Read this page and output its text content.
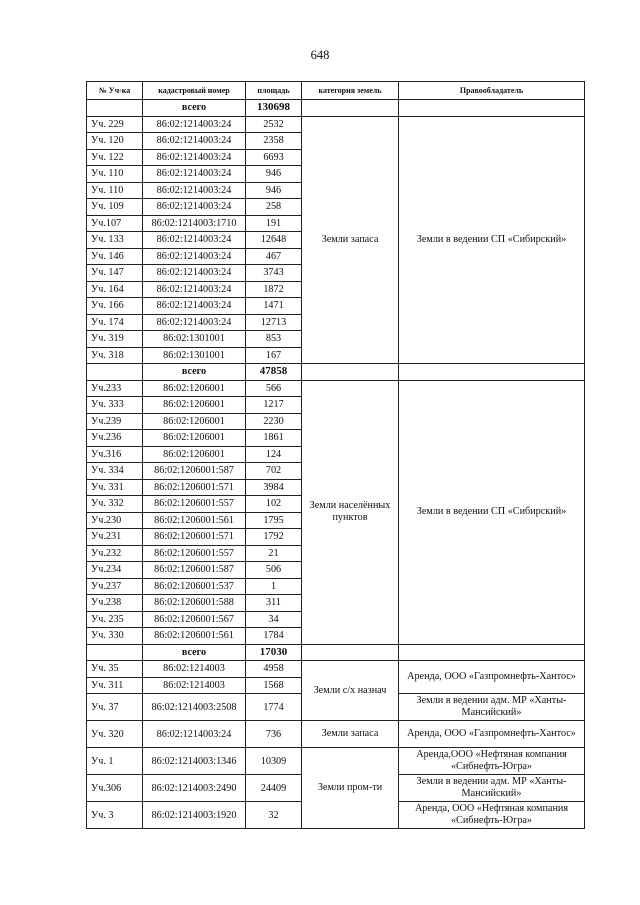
648
№ Уч-ка	кадастровый номер	площадь	категория земель	Правообладатель
	всего	130698		
Уч. 229	86:02:1214003:24	2532	Земли запаса	Земли в ведении СП «Сибирский»
Уч. 120	86:02:1214003:24	2358		
Уч. 122	86:02:1214003:24	6693		
Уч. 110	86:02:1214003:24	946		
Уч. 110	86:02:1214003:24	946		
Уч. 109	86:02:1214003:24	258		
Уч.107	86:02:1214003:1710	191		
Уч. 133	86:02:1214003:24	12648		
Уч. 146	86:02:1214003:24	467		
Уч. 147	86:02:1214003:24	3743		
Уч. 164	86:02:1214003:24	1872		
Уч. 166	86:02:1214003:24	1471		
Уч. 174	86:02:1214003:24	12713		
Уч. 319	86:02:1301001	853		
Уч. 318	86:02:1301001	167		
	всего	47858		
Уч.233	86:02:1206001	566	Земли населённых пунктов	Земли в ведении СП «Сибирский»
Уч. 333	86:02:1206001	1217		
Уч.239	86:02:1206001	2230		
Уч.236	86:02:1206001	1861		
Уч.316	86:02:1206001	124		
Уч. 334	86:02:1206001:587	702		
Уч. 331	86:02:1206001:571	3984		
Уч. 332	86:02:1206001:557	102		
Уч.230	86:02:1206001:561	1795		
Уч.231	86:02:1206001:571	1792		
Уч.232	86:02:1206001:557	21		
Уч.234	86:02:1206001:587	506		
Уч.237	86:02:1206001:537	1		
Уч.238	86:02:1206001:588	311		
Уч. 235	86:02:1206001:567	34		
Уч. 330	86:02:1206001:561	1784		
	всего	17030		
Уч. 35	86:02:1214003	4958	Земли с/х назнач	Аренда, ООО «Газпромнефть-Хантос»
Уч. 311	86:02:1214003	1568		
Уч. 37	86:02:1214003:2508	1774		Земли в ведении адм. МР «Ханты-Мансийский»
Уч. 320	86:02:1214003:24	736	Земли запаса	Аренда, ООО «Газпромнефть-Хантос»
Уч. 1	86:02:1214003:1346	10309	Земли пром-ти	Аренда,ООО «Нефтяная компания «Сибнефть-Югра»
Уч.306	86:02:1214003:2490	24409		Земли в ведении адм. МР «Ханты-Мансийский»
Уч. 3	86:02:1214003:1920	32		Аренда, ООО «Нефтяная компания «Сибнефть-Югра»
